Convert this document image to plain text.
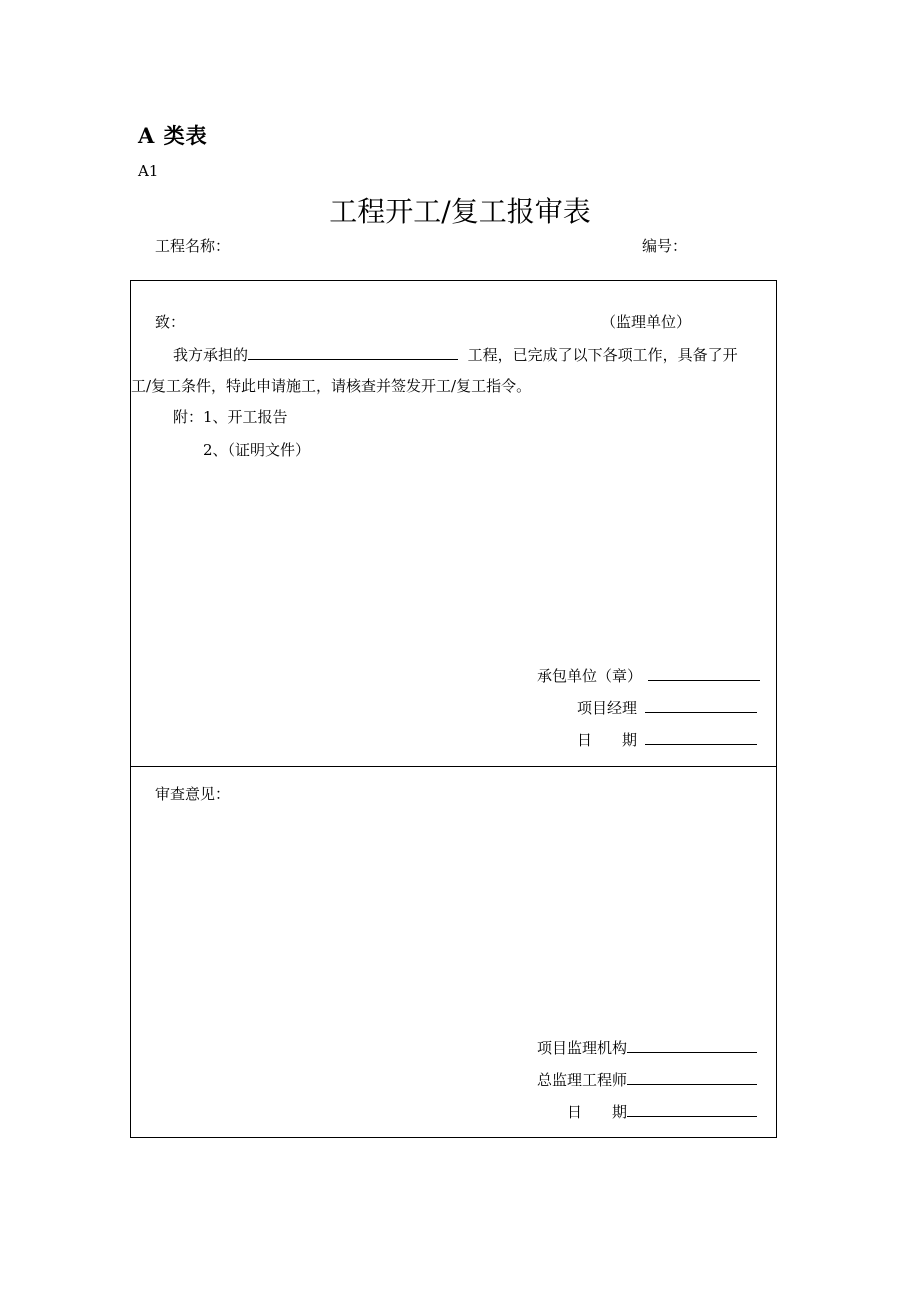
A 类表
A1
工程开工/复工报审表
工程名称：	编号：
致：	（监理单位）
我方承担的	工程，已完成了以下各项工作，具备了开
工/复工条件，特此申请施工，请核查并签发开工/复工指令。
附：1、开工报告
2、（证明文件）
承包单位（章）
项目经理
日　　期
审查意见：
项目监理机构
总监理工程师
日　　期
